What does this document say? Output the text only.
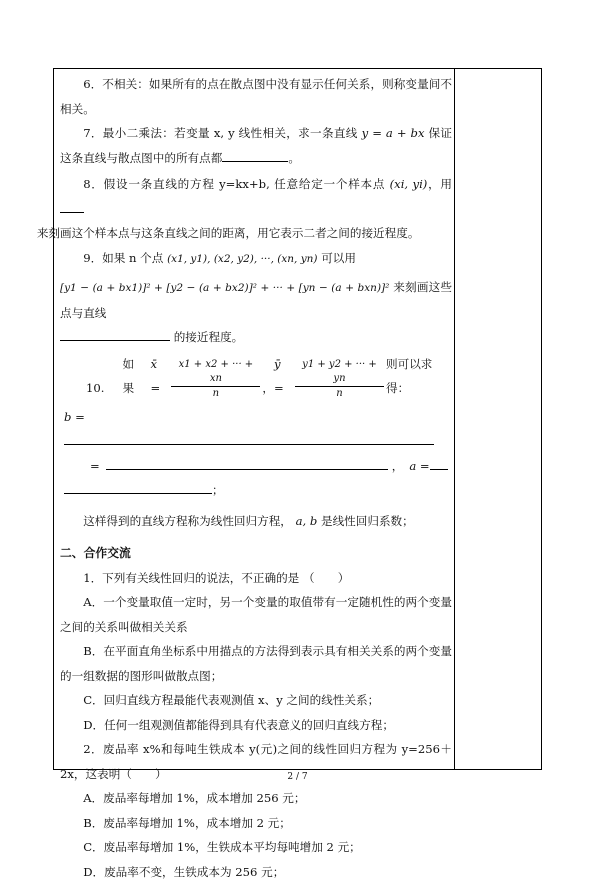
6．不相关：如果所有的点在散点图中没有显示任何关系，则称变量间不相关。

7．最小二乘法：若变量 x, y 线性相关，求一条直线 y = a + bx 保证这条直线与散点图中的所有点都	。

8．假设一条直线的方程 y=kx+b, 任意给定一个样本点 (xi, yi)，用
来刻画这个样本点与这条直线之间的距离，用它表示二者之间的接近程度。

9．如果 n 个点 (x1, y1), (x2, y2), ···, (xn, yn) 可以用

[y1 − (a + bx1)]² + [y2 − (a + bx2)]² + ··· + [yn − (a + bxn)]² 来刻画这些点与直线

的接近程度。

10.
如果
x̄ =	$\frac{x1 + x2 + \cdot\cdot\cdot + xn}{n}$ ，
ȳ =	$\frac{y1 + y2 + \cdot\cdot\cdot + yn}{n}$ 则可以求得：
b =
=	， a =
；

这样得到的直线方程称为线性回归方程， a, b 是线性回归系数；

二、合作交流

1．下列有关线性回归的说法，不正确的是 （　　）

A．一个变量取值一定时，另一个变量的取值带有一定随机性的两个变量之间的关系叫做相关关系

B．在平面直角坐标系中用描点的方法得到表示具有相关关系的两个变量的一组数据的图形叫做散点图；

C．回归直线方程最能代表观测值 x、y 之间的线性关系；

D．任何一组观测值都能得到具有代表意义的回归直线方程；

2．废品率 x%和每吨生铁成本 y(元)之间的线性回归方程为 y=256＋2x，这表明（　　）

A．废品率每增加 1%，成本增加 256 元；

B．废品率每增加 1%，成本增加 2 元；

C．废品率每增加 1%，生铁成本平均每吨增加 2 元；

D．废品率不变，生铁成本为 256 元；

2 / 7
